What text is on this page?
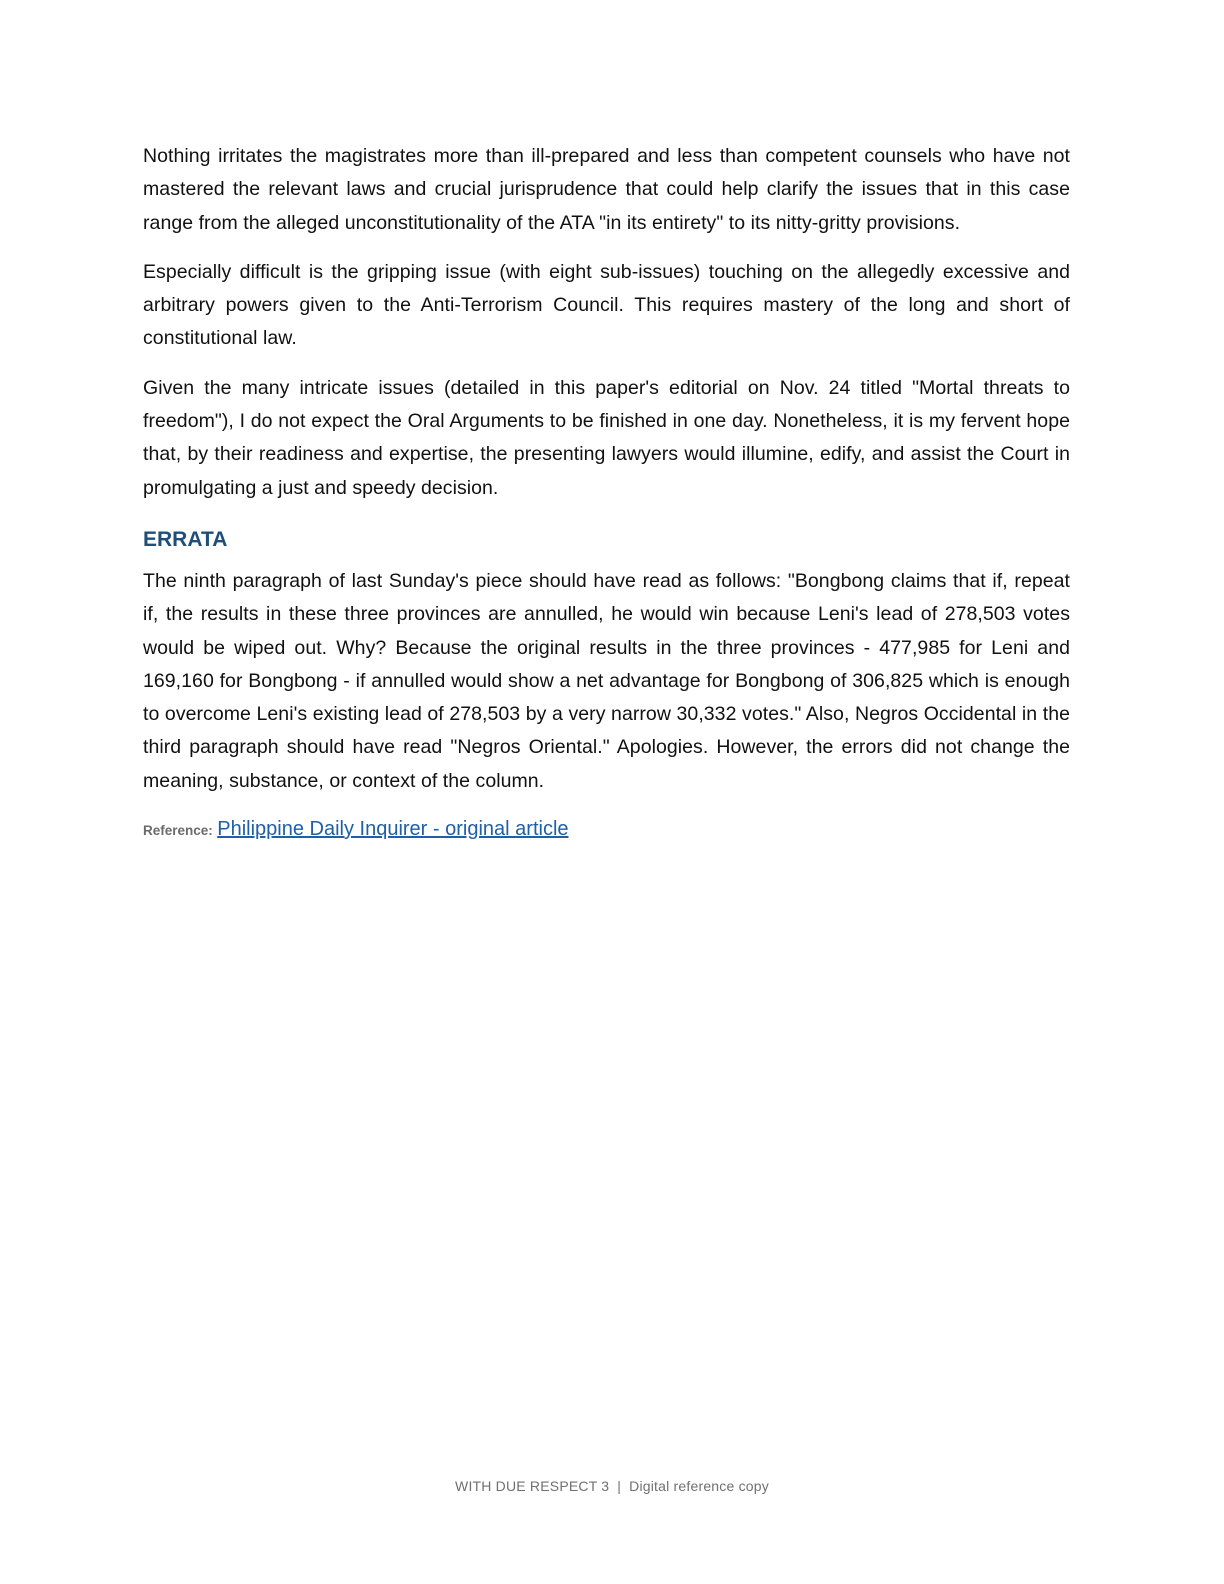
Nothing irritates the magistrates more than ill-prepared and less than competent counsels who have not mastered the relevant laws and crucial jurisprudence that could help clarify the issues that in this case range from the alleged unconstitutionality of the ATA "in its entirety" to its nitty-gritty provisions.

Especially difficult is the gripping issue (with eight sub-issues) touching on the allegedly excessive and arbitrary powers given to the Anti-Terrorism Council. This requires mastery of the long and short of constitutional law.

Given the many intricate issues (detailed in this paper's editorial on Nov. 24 titled "Mortal threats to freedom"), I do not expect the Oral Arguments to be finished in one day. Nonetheless, it is my fervent hope that, by their readiness and expertise, the presenting lawyers would illumine, edify, and assist the Court in promulgating a just and speedy decision.

ERRATA

The ninth paragraph of last Sunday's piece should have read as follows: "Bongbong claims that if, repeat if, the results in these three provinces are annulled, he would win because Leni's lead of 278,503 votes would be wiped out. Why? Because the original results in the three provinces - 477,985 for Leni and 169,160 for Bongbong - if annulled would show a net advantage for Bongbong of 306,825 which is enough to overcome Leni's existing lead of 278,503 by a very narrow 30,332 votes." Also, Negros Occidental in the third paragraph should have read "Negros Oriental." Apologies. However, the errors did not change the meaning, substance, or context of the column.

Reference: Philippine Daily Inquirer - original article
WITH DUE RESPECT 3 | Digital reference copy
